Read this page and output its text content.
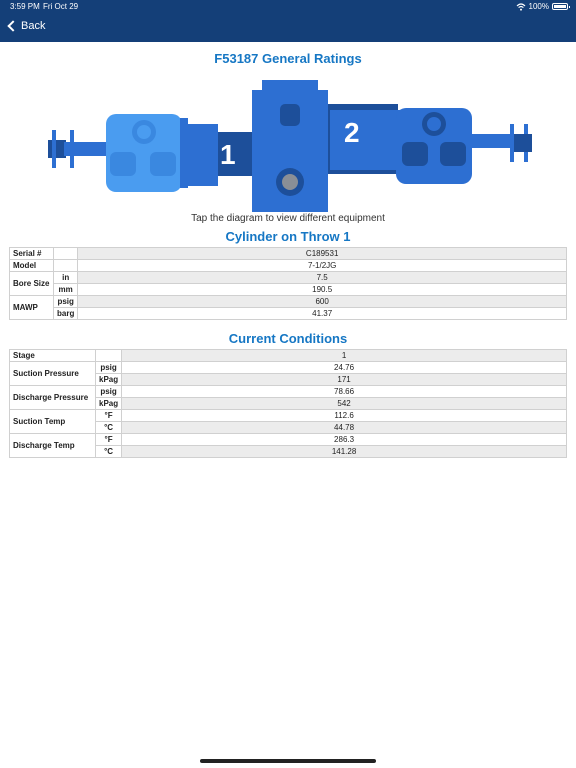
3:59 PM Fri Oct 29	100%
Back
F53187 General Ratings
1
2
Tap the diagram to view different equipment
Cylinder on Throw 1
Serial #		C189531
Model		7-1/2JG
Bore Size	in	7.5
	mm	190.5
MAWP	psig	600
	barg	41.37
Current Conditions
Stage		1
Suction Pressure	psig	24.76
	kPag	171
Discharge Pressure	psig	78.66
	kPag	542
Suction Temp	°F	112.6
	°C	44.78
Discharge Temp	°F	286.3
	°C	141.28
